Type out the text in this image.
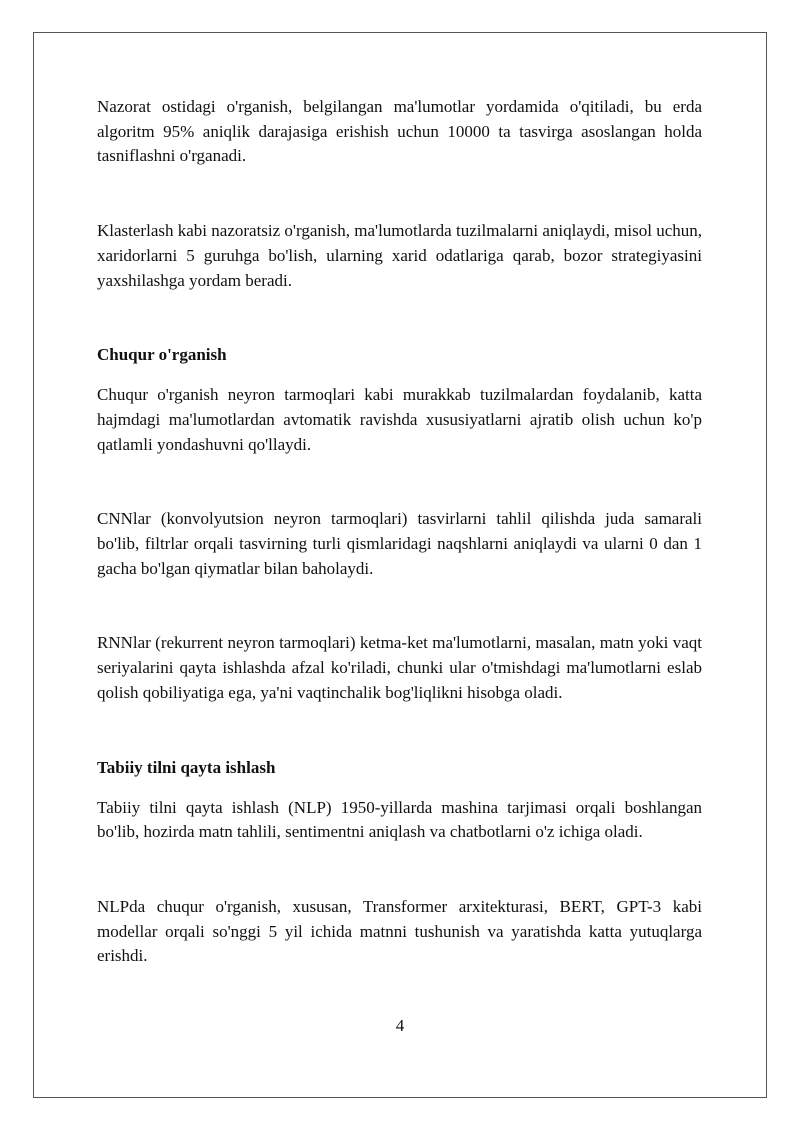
Nazorat ostidagi o'rganish, belgilangan ma'lumotlar yordamida o'qitiladi, bu erda algoritm 95% aniqlik darajasiga erishish uchun 10000 ta tasvirga asoslangan holda tasniflashni o'rganadi.

Klasterlash kabi nazoratsiz o'rganish, ma'lumotlarda tuzilmalarni aniqlaydi, misol uchun, xaridorlarni 5 guruhga bo'lish, ularning xarid odatlariga qarab, bozor strategiyasini yaxshilashga yordam beradi.

Chuqur o'rganish

Chuqur o'rganish neyron tarmoqlari kabi murakkab tuzilmalardan foydalanib, katta hajmdagi ma'lumotlardan avtomatik ravishda xususiyatlarni ajratib olish uchun ko'p qatlamli yondashuvni qo'llaydi.

CNNlar (konvolyutsion neyron tarmoqlari) tasvirlarni tahlil qilishda juda samarali bo'lib, filtrlar orqali tasvirning turli qismlaridagi naqshlarni aniqlaydi va ularni 0 dan 1 gacha bo'lgan qiymatlar bilan baholaydi.

RNNlar (rekurrent neyron tarmoqlari) ketma-ket ma'lumotlarni, masalan, matn yoki vaqt seriyalarini qayta ishlashda afzal ko'riladi, chunki ular o'tmishdagi ma'lumotlarni eslab qolish qobiliyatiga ega, ya'ni vaqtinchalik bog'liqlikni hisobga oladi.

Tabiiy tilni qayta ishlash

Tabiiy tilni qayta ishlash (NLP) 1950-yillarda mashina tarjimasi orqali boshlangan bo'lib, hozirda matn tahlili, sentimentni aniqlash va chatbotlarni o'z ichiga oladi.

NLPda chuqur o'rganish, xususan, Transformer arxitekturasi, BERT, GPT-3 kabi modellar orqali so'nggi 5 yil ichida matnni tushunish va yaratishda katta yutuqlarga erishdi.

4
